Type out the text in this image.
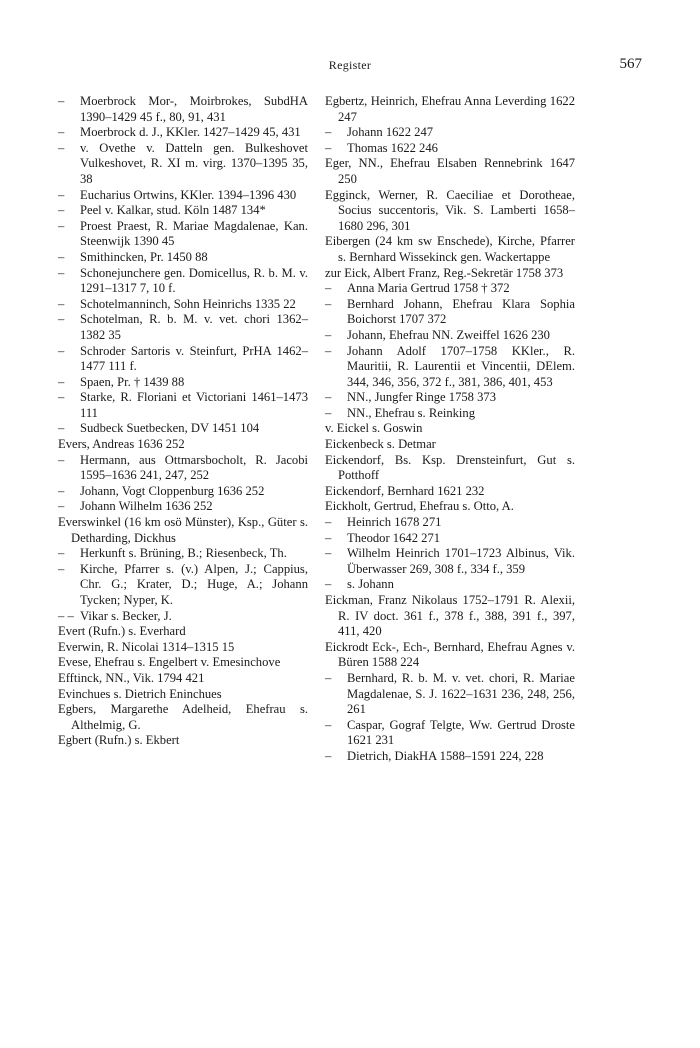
Register	567
– Moerbrock Mor-, Moirbrokes, SubdHA 1390–1429 45 f., 80, 91, 431
– Moerbrock d. J., KKler. 1427–1429 45, 431
– v. Ovethe v. Datteln gen. Bulkeshovet Vulkeshovet, R. XI m. virg. 1370–1395 35, 38
– Eucharius Ortwins, KKler. 1394–1396 430
– Peel v. Kalkar, stud. Köln 1487 134*
– Proest Praest, R. Mariae Magdalenae, Kan. Steenwijk 1390 45
– Smithincken, Pr. 1450 88
– Schonejunchere gen. Domicellus, R. b. M. v. 1291–1317 7, 10 f.
– Schotelmanninch, Sohn Heinrichs 1335 22
– Schotelman, R. b. M. v. vet. chori 1362–1382 35
– Schroder Sartoris v. Steinfurt, PrHA 1462–1477 111 f.
– Spaen, Pr. † 1439 88
– Starke, R. Floriani et Victoriani 1461–1473 111
– Sudbeck Suetbecken, DV 1451 104
Evers, Andreas 1636 252
– Hermann, aus Ottmarsbocholt, R. Jacobi 1595–1636 241, 247, 252
– Johann, Vogt Cloppenburg 1636 252
– Johann Wilhelm 1636 252
Everswinkel (16 km osö Münster), Ksp., Güter s. Detharding, Dickhus
– Herkunft s. Brüning, B.; Riesenbeck, Th.
– Kirche, Pfarrer s. (v.) Alpen, J.; Cappius, Chr. G.; Krater, D.; Huge, A.; Johann Tycken; Nyper, K.
– – Vikar s. Becker, J.
Evert (Rufn.) s. Everhard
Everwin, R. Nicolai 1314–1315 15
Evese, Ehefrau s. Engelbert v. Emesinchove
Efftinck, NN., Vik. 1794 421
Evinchues s. Dietrich Eninchues
Egbers, Margarethe Adelheid, Ehefrau s. Althelmig, G.
Egbert (Rufn.) s. Ekbert
Egbertz, Heinrich, Ehefrau Anna Leverding 1622 247
– Johann 1622 247
– Thomas 1622 246
Eger, NN., Ehefrau Elsaben Rennebrink 1647 250
Egginck, Werner, R. Caeciliae et Dorotheae, Socius succentoris, Vik. S. Lamberti 1658–1680 296, 301
Eibergen (24 km sw Enschede), Kirche, Pfarrer s. Bernhard Wissekinck gen. Wackertappe
zur Eick, Albert Franz, Reg.-Sekretär 1758 373
– Anna Maria Gertrud 1758 † 372
– Bernhard Johann, Ehefrau Klara Sophia Boichorst 1707 372
– Johann, Ehefrau NN. Zweiffel 1626 230
– Johann Adolf 1707–1758 KKler., R. Mauritii, R. Laurentii et Vincentii, DElem. 344, 346, 356, 372 f., 381, 386, 401, 453
– NN., Jungfer Ringe 1758 373
– NN., Ehefrau s. Reinking
v. Eickel s. Goswin
Eickenbeck s. Detmar
Eickendorf, Bs. Ksp. Drensteinfurt, Gut s. Potthoff
Eickendorf, Bernhard 1621 232
Eickholt, Gertrud, Ehefrau s. Otto, A.
– Heinrich 1678 271
– Theodor 1642 271
– Wilhelm Heinrich 1701–1723 Albinus, Vik. Überwasser 269, 308 f., 334 f., 359
– s. Johann
Eickman, Franz Nikolaus 1752–1791 R. Alexii, R. IV doct. 361 f., 378 f., 388, 391 f., 397, 411, 420
Eickrodt Eck-, Ech-, Bernhard, Ehefrau Agnes v. Büren 1588 224
– Bernhard, R. b. M. v. vet. chori, R. Mariae Magdalenae, S. J. 1622–1631 236, 248, 256, 261
– Caspar, Gograf Telgte, Ww. Gertrud Droste 1621 231
– Dietrich, DiakHA 1588–1591 224, 228
